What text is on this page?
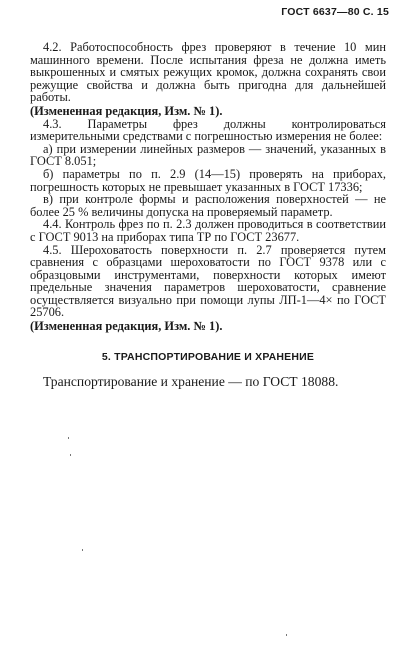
ГОСТ 6637—80 С. 15

4.2. Работоспособность фрез проверяют в течение 10 мин машинного времени. После испытания фреза не должна иметь выкрошенных и смятых режущих кромок, должна сохранять свои режущие свойства и должна быть пригодна для дальнейшей работы.

(Измененная редакция, Изм. № 1).

4.3. Параметры фрез должны контролироваться измерительными средствами с погрешностью измерения не более:

а) при измерении линейных размеров — значений, указанных в ГОСТ 8.051;

б) параметры по п. 2.9 (14—15) проверять на приборах, погрешность которых не превышает указанных в ГОСТ 17336;

в) при контроле формы и расположения поверхностей — не более 25 % величины допуска на проверяемый параметр.

4.4. Контроль фрез по п. 2.3 должен проводиться в соответствии с ГОСТ 9013 на приборах типа ТР по ГОСТ 23677.

4.5. Шероховатость поверхности п. 2.7 проверяется путем сравнения с образцами шероховатости по ГОСТ 9378 или с образцовыми инструментами, поверхности которых имеют предельные значения параметров шероховатости, сравнение осуществляется визуально при помощи лупы ЛП-1—4× по ГОСТ 25706.

(Измененная редакция, Изм. № 1).

5. ТРАНСПОРТИРОВАНИЕ И ХРАНЕНИЕ

Транспортирование и хранение — по ГОСТ 18088.
